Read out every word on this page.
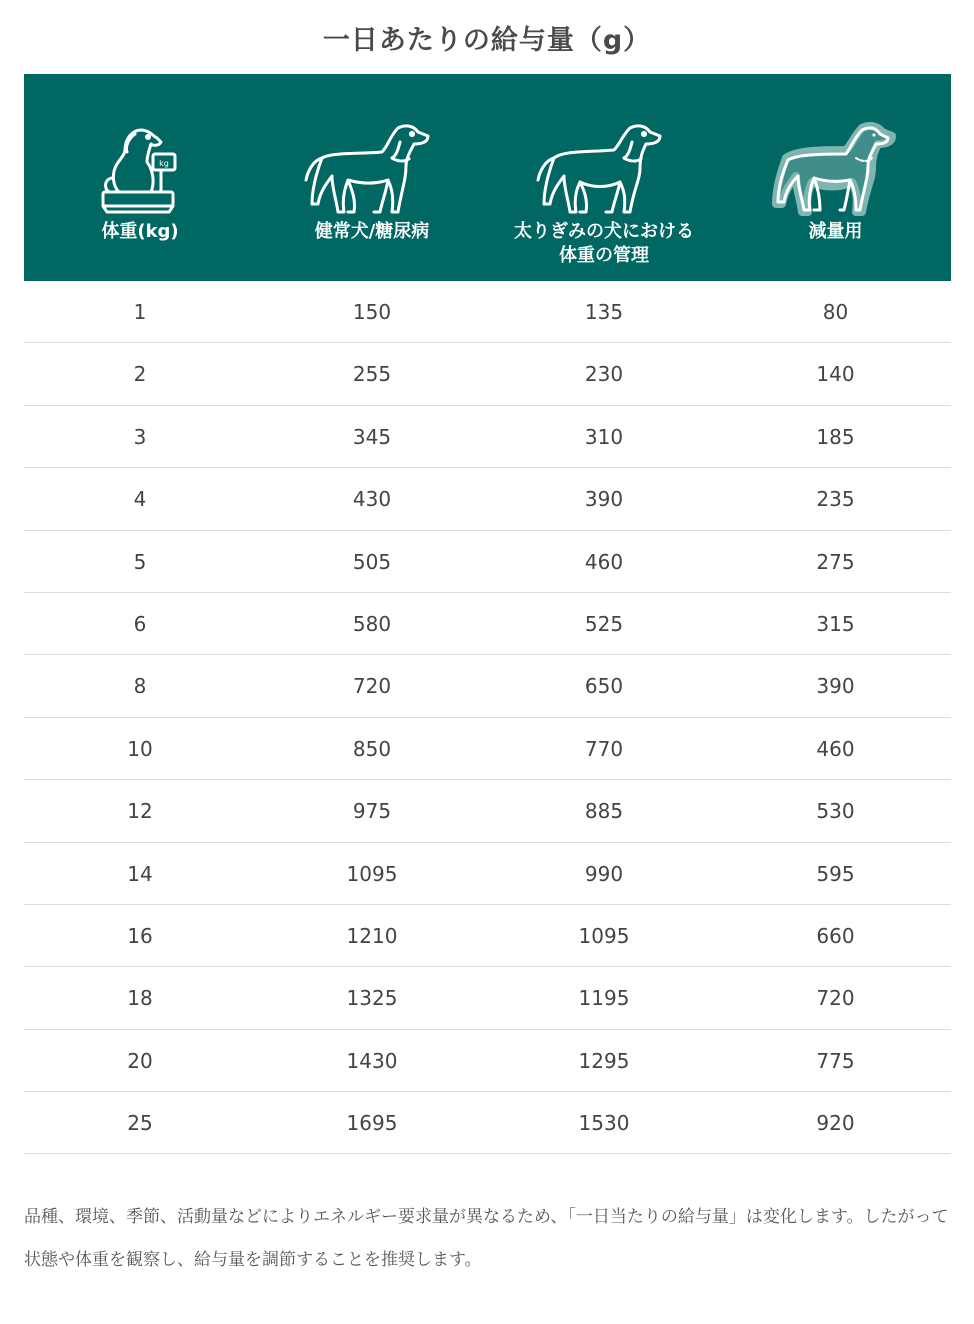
一日あたりの給与量（g）
kg
体重(kg)	健常犬/糖尿病	太りぎみの犬における
体重の管理
減量用
1	150	135	80
2	255	230	140
3	345	310	185
4	430	390	235
5	505	460	275
6	580	525	315
8	720	650	390
10	850	770	460
12	975	885	530
14	1095	990	595
16	1210	1095	660
18	1325	1195	720
20	1430	1295	775
25	1695	1530	920
品種、環境、季節、活動量などによりエネルギー要求量が異なるため、「一日当たりの給与量」は変化します。したがって状態や体重を観察し、給与量を調節することを推奨します。
